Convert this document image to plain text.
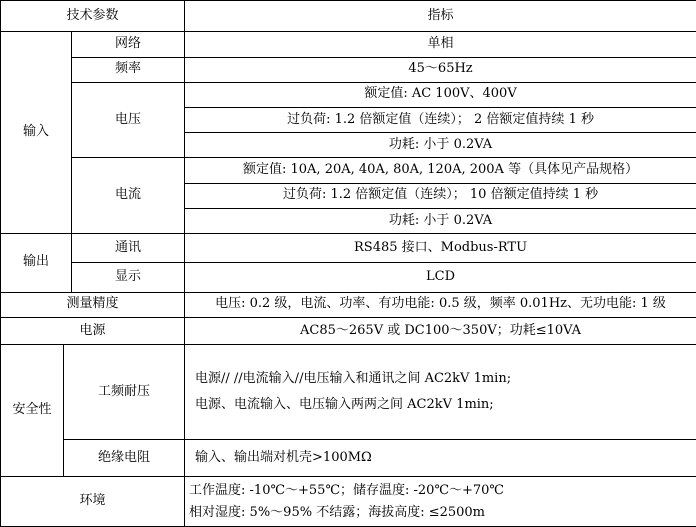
技术参数			指标
输入		网络	单相
		频率	45～65Hz
		电压	额定值: AC 100V、400V
			过负荷: 1.2 倍额定值（连续）； 2 倍额定值持续 1 秒
			功耗: 小于 0.2VA
		电流	额定值: 10A, 20A, 40A, 80A, 120A, 200A 等（具体见产品规格）
			过负荷: 1.2 倍额定值（连续）； 10 倍额定值持续 1 秒
			功耗: 小于 0.2VA
输出		通讯	RS485 接口、Modbus-RTU
		显示	LCD
测量精度			电压: 0.2 级，电流、功率、有功电能: 0.5 级，频率 0.01Hz、无功电能: 1 级
电源			AC85～265V 或 DC100～350V；功耗≤10VA
安全性	工频耐压		电源// //电流输入//电压输入和通讯之间 AC2kV 1min;
电源、电流输入、电压输入两两之间 AC2kV 1min;

	绝缘电阻		输入、输出端对机壳>100MΩ
环境			工作温度: -10℃～+55℃；储存温度: -20℃～+70℃
相对湿度: 5%～95% 不结露；海拔高度: ≤2500m
